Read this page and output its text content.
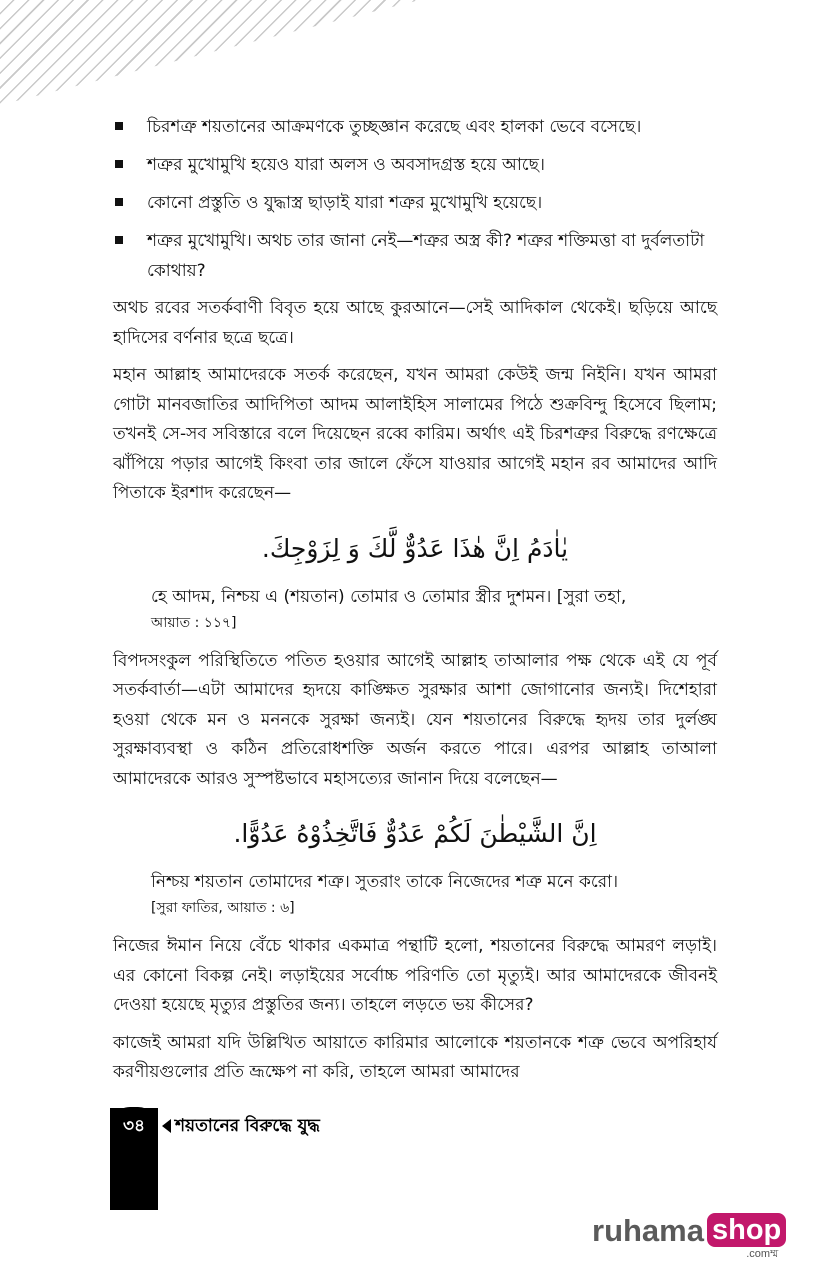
চিরশত্রু শয়তানের আক্রমণকে তুচ্ছজ্ঞান করেছে এবং হালকা ভেবে বসেছে।
শত্রুর মুখোমুখি হয়েও যারা অলস ও অবসাদগ্রস্ত হয়ে আছে।
কোনো প্রস্তুতি ও যুদ্ধাস্ত্র ছাড়াই যারা শত্রুর মুখোমুখি হয়েছে।
শত্রুর মুখোমুখি। অথচ তার জানা নেই—শত্রুর অস্ত্র কী? শত্রুর শক্তিমত্তা বা দুর্বলতাটা কোথায়?

অথচ রবের সতর্কবাণী বিবৃত হয়ে আছে কুরআনে—সেই আদিকাল থেকেই। ছড়িয়ে আছে হাদিসের বর্ণনার ছত্রে ছত্রে।

মহান আল্লাহ আমাদেরকে সতর্ক করেছেন, যখন আমরা কেউই জন্ম নিইনি। যখন আমরা গোটা মানবজাতির আদিপিতা আদম আলাইহিস সালামের পিঠে শুক্রবিন্দু হিসেবে ছিলাম; তখনই সে-সব সবিস্তারে বলে দিয়েছেন রব্বে কারিম। অর্থাৎ এই চিরশত্রুর বিরুদ্ধে রণক্ষেত্রে ঝাঁপিয়ে পড়ার আগেই কিংবা তার জালে ফেঁসে যাওয়ার আগেই মহান রব আমাদের আদি পিতাকে ইরশাদ করেছেন—

يٰاٰدَمُ اِنَّ هٰذَا عَدُوٌّ لَّكَ وَ لِزَوْجِكَ.
হে আদম, নিশ্চয় এ (শয়তান) তোমার ও তোমার স্ত্রীর দুশমন। [সুরা তহা,
আয়াত : ১১৭]

বিপদসংকুল পরিস্থিতিতে পতিত হওয়ার আগেই আল্লাহ তাআলার পক্ষ থেকে এই যে পূর্ব সতর্কবার্তা—এটা আমাদের হৃদয়ে কাঙ্ক্ষিত সুরক্ষার আশা জোগানোর জন্যই। দিশেহারা হওয়া থেকে মন ও মননকে সুরক্ষা জন্যই। যেন শয়তানের বিরুদ্ধে হৃদয় তার দুর্লঙ্ঘ সুরক্ষাব্যবস্থা ও কঠিন প্রতিরোধশক্তি অর্জন করতে পারে। এরপর আল্লাহ তাআলা আমাদেরকে আরও সুস্পষ্টভাবে মহাসত্যের জানান দিয়ে বলেছেন—

اِنَّ الشَّيْطٰنَ لَكُمْ عَدُوٌّ فَاتَّخِذُوْهُ عَدُوًّا.
নিশ্চয় শয়তান তোমাদের শত্রু। সুতরাং তাকে নিজেদের শত্রু মনে করো।
[সুরা ফাতির, আয়াত : ৬]

নিজের ঈমান নিয়ে বেঁচে থাকার একমাত্র পন্থাটি হলো, শয়তানের বিরুদ্ধে আমরণ লড়াই। এর কোনো বিকল্প নেই। লড়াইয়ের সর্বোচ্চ পরিণতি তো মৃত্যুই। আর আমাদেরকে জীবনই দেওয়া হয়েছে মৃত্যুর প্রস্তুতির জন্য। তাহলে লড়তে ভয় কীসের?

কাজেই আমরা যদি উল্লিখিত আয়াতে কারিমার আলোকে শয়তানকে শত্রু ভেবে অপরিহার্য করণীয়গুলোর প্রতি ভ্রূক্ষেপ না করি, তাহলে আমরা আমাদের

৩৪	শয়তানের বিরুদ্ধে যুদ্ধ
ruhama shop
.comম্ম
